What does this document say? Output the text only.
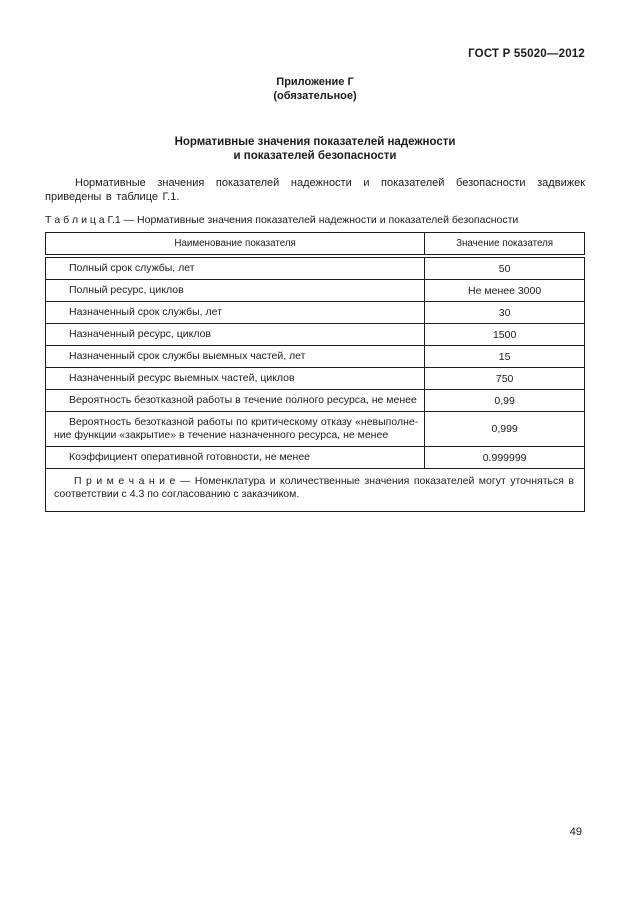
ГОСТ Р 55020—2012
Приложение Г
(обязательное)
Нормативные значения показателей надежности
и показателей безопасности

Нормативные значения показателей надежности и показателей безопасности задвижек приведены в таблице Г.1.

Т а б л и ц а Г.1 — Нормативные значения показателей надежности и показателей безопасности
Наименование показателя	Значение показателя
Полный срок службы, лет	50
Полный ресурс, циклов	Не менее 3000
Назначенный срок службы, лет	30
Назначенный ресурс, циклов	1500
Назначенный срок службы выемных частей, лет	15
Назначенный ресурс выемных частей, циклов	750
Вероятность безотказной работы в течение полного ресурса, не менее	0,99
Вероятность безотказной работы по критическому отказу «невыполнение функции «закрытие» в течение назначенного ресурса, не менее	0,999
Коэффициент оперативной готовности, не менее	0.999999
П р и м е ч а н и е — Номенклатура и количественные значения показателей могут уточняться в соответствии с 4.3 по согласованию с заказчиком.	
49
